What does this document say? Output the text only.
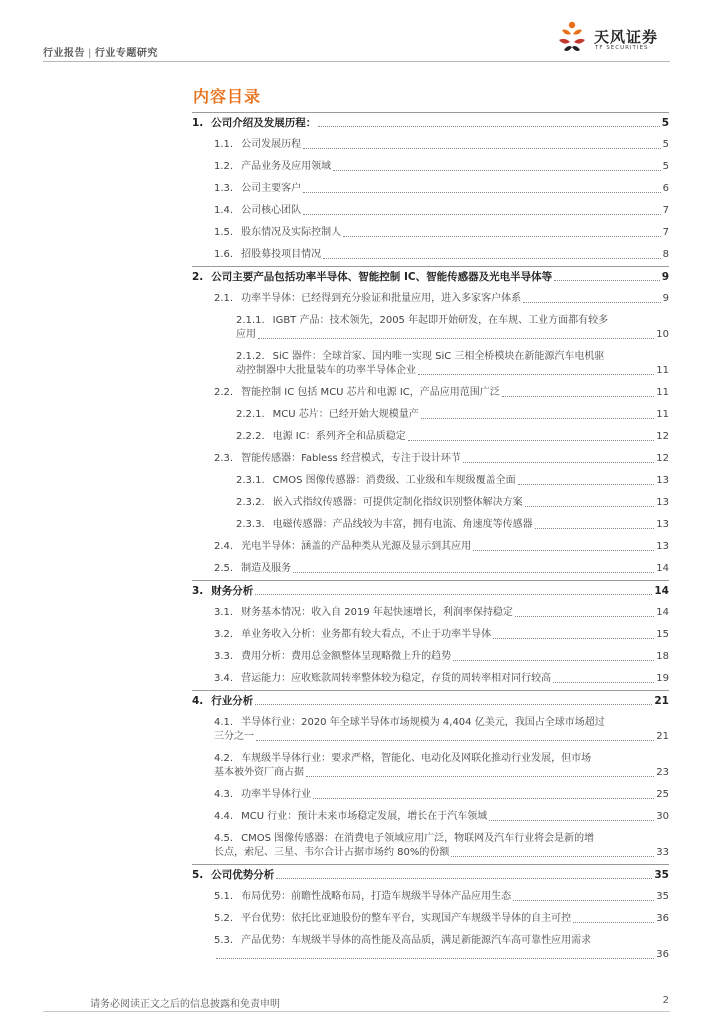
行业报告 | 行业专题研究
天风证券
TF SECURITIES
内容目录
1. 公司介绍及发展历程：	5
1.1. 公司发展历程	5
1.2. 产品业务及应用领域	5
1.3. 公司主要客户	6
1.4. 公司核心团队	7
1.5. 股东情况及实际控制人	7
1.6. 招股募投项目情况	8
2. 公司主要产品包括功率半导体、智能控制 IC、智能传感器及光电半导体等	9
2.1. 功率半导体：已经得到充分验证和批量应用，进入多家客户体系	9
2.1.1. IGBT 产品：技术领先，2005 年起即开始研发，在车规、工业方面都有较多
应用	10
2.1.2. SiC 器件：全球首家、国内唯一实现 SiC 三相全桥模块在新能源汽车电机驱
动控制器中大批量装车的功率半导体企业	11
2.2. 智能控制 IC 包括 MCU 芯片和电源 IC，产品应用范围广泛	11
2.2.1. MCU 芯片：已经开始大规模量产	11
2.2.2. 电源 IC：系列齐全和品质稳定	12
2.3. 智能传感器：Fabless 经营模式，专注于设计环节	12
2.3.1. CMOS 图像传感器：消费级、工业级和车规级覆盖全面	13
2.3.2. 嵌入式指纹传感器：可提供定制化指纹识别整体解决方案	13
2.3.3. 电磁传感器：产品线较为丰富，拥有电流、角速度等传感器	13
2.4. 光电半导体：涵盖的产品种类从光源及显示到其应用	13
2.5. 制造及服务	14
3. 财务分析	14
3.1. 财务基本情况：收入自 2019 年起快速增长，利润率保持稳定	14
3.2. 单业务收入分析：业务都有较大看点，不止于功率半导体	15
3.3. 费用分析：费用总金额整体呈现略微上升的趋势	18
3.4. 营运能力：应收账款周转率整体较为稳定，存货的周转率相对同行较高	19
4. 行业分析	21
4.1. 半导体行业：2020 年全球半导体市场规模为 4,404 亿美元，我国占全球市场超过
三分之一	21
4.2. 车规级半导体行业：要求严格，智能化、电动化及网联化推动行业发展，但市场
基本被外资厂商占据	23
4.3. 功率半导体行业	25
4.4. MCU 行业：预计未来市场稳定发展，增长在于汽车领域	30
4.5. CMOS 图像传感器：在消费电子领域应用广泛，物联网及汽车行业将会是新的增
长点，索尼、三星、韦尔合计占据市场约 80%的份额	33
5. 公司优势分析	35
5.1. 布局优势：前瞻性战略布局，打造车规级半导体产品应用生态	35
5.2. 平台优势：依托比亚迪股份的整车平台，实现国产车规级半导体的自主可控	36
5.3. 产品优势：车规级半导体的高性能及高品质，满足新能源汽车高可靠性应用需求
36
请务必阅读正文之后的信息披露和免责申明	2
